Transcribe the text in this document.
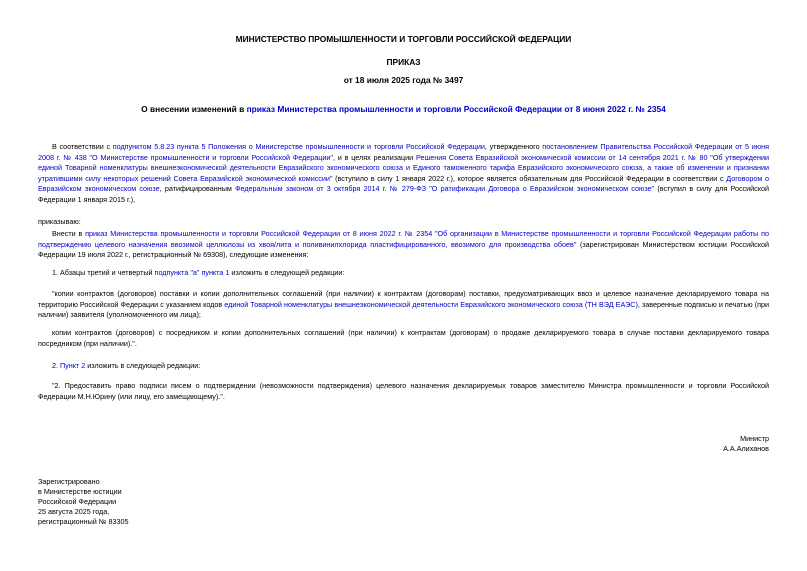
МИНИСТЕРСТВО ПРОМЫШЛЕННОСТИ И ТОРГОВЛИ РОССИЙСКОЙ ФЕДЕРАЦИИ
ПРИКАЗ
от 18 июля 2025 года № 3497
О внесении изменений в приказ Министерства промышленности и торговли Российской Федерации от 8 июня 2022 г. № 2354
В соответствии с подпунктом 5.8.23 пункта 5 Положения о Министерстве промышленности и торговли Российской Федерации, утвержденного постановлением Правительства Российской Федерации от 5 июня 2008 г. № 438 "О Министерстве промышленности и торговли Российской Федерации", и в целях реализации Решения Совета Евразийской экономической комиссии от 14 сентября 2021 г. № 80 "Об утверждении единой Товарной номенклатуры внешнеэкономической деятельности Евразийского экономического союза и Единого таможенного тарифа Евразийского экономического союза, а также об изменении и признании утратившими силу некоторых решений Совета Евразийской экономической комиссии" (вступило в силу 1 января 2022 г.), которое является обязательным для Российской Федерации в соответствии с Договором о Евразийском экономическом союзе, ратифицированным Федеральным законом от 3 октября 2014 г. № 279-ФЗ "О ратификации Договора о Евразийском экономическом союзе" (вступил в силу для Российской Федерации 1 января 2015 г.),
приказываю:
Внести в приказ Министерства промышленности и торговли Российской Федерации от 8 июня 2022 г. № 2354 "Об организации в Министерстве промышленности и торговли Российской Федерации работы по подтверждению целевого назначения ввозимой целлюлозы из хвоя/лита и поливинилхлорида пластифицированного, ввозимого для производства обоев" (зарегистрирован Министерством юстиции Российской Федерации 19 июля 2022 г., регистрационный № 69308), следующие изменения:
1. Абзацы третий и четвертый подпункта "а" пункта 1 изложить в следующей редакции:
"копии контрактов (договоров) поставки и копии дополнительных соглашений (при наличии) к контрактам (договорам) поставки, предусматривающих ввоз и целевое назначение декларируемого товара на территорию Российской Федерации с указанием кодов единой Товарной номенклатуры внешнеэкономической деятельности Евразийского экономического союза (ТН ВЭД ЕАЭС), заверенные подписью и печатью (при наличии) заявителя (уполномоченного им лица);
копии контрактов (договоров) с посредником и копии дополнительных соглашений (при наличии) к контрактам (договорам) о продаже декларируемого товара в случае поставки декларируемого товара посредником (при наличии).".
2. Пункт 2 изложить в следующей редакции:
"2. Предоставить право подписи писем о подтверждении (невозможности подтверждения) целевого назначения декларируемых товаров заместителю Министра промышленности и торговли Российской Федерации М.Н.Юрину (или лицу, его замещающему).".
Министр
А.А.Алиханов
Зарегистрировано
в Министерстве юстиции
Российской Федерации
25 августа 2025 года,
регистрационный № 83305
